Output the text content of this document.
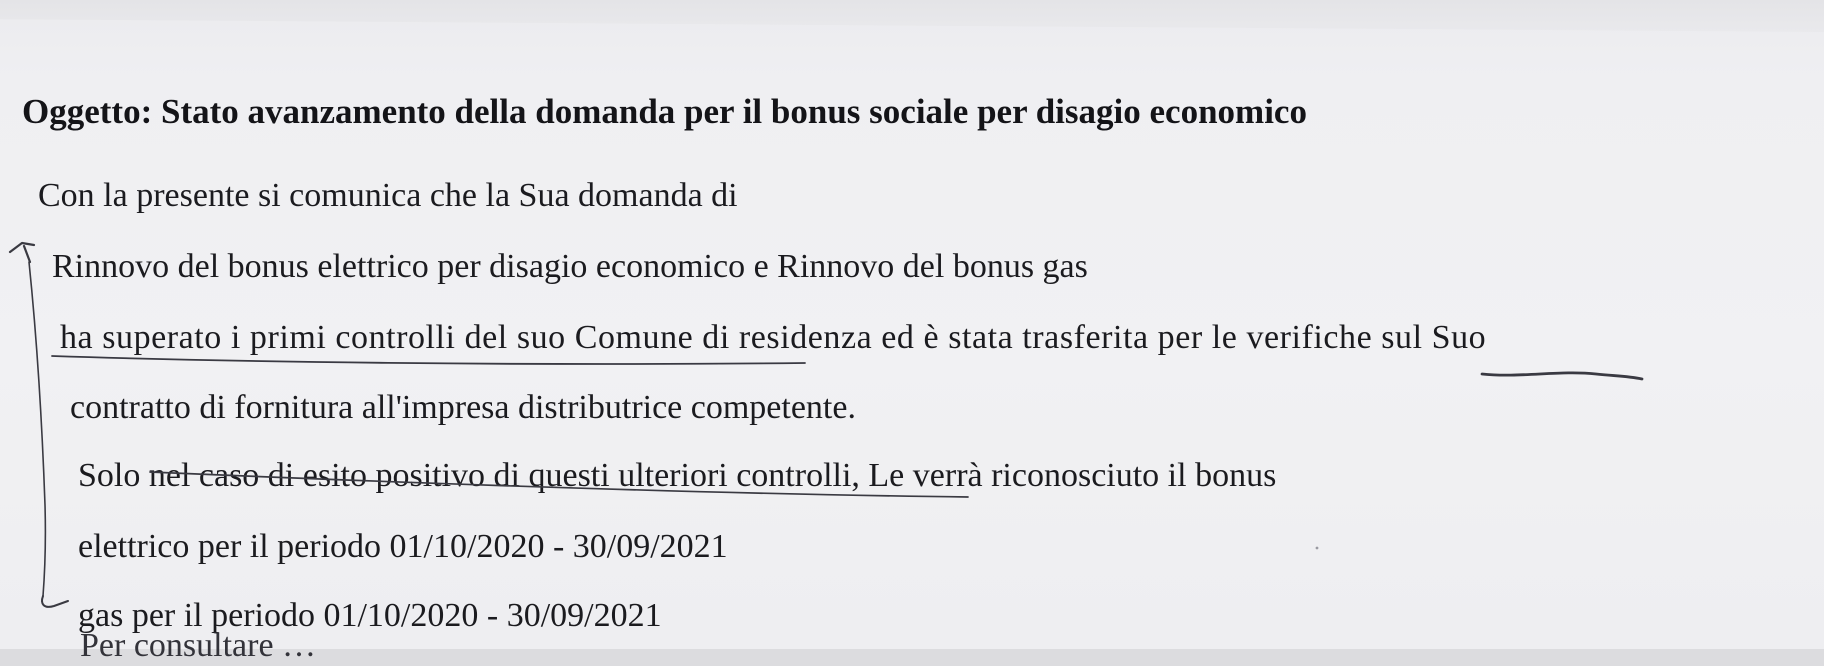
Oggetto: Stato avanzamento della domanda per il bonus sociale per disagio economico
Con la presente si comunica che la Sua domanda di
Rinnovo del bonus elettrico per disagio economico e Rinnovo del bonus gas
ha superato i primi controlli del suo Comune di residenza ed è stata trasferita per le verifiche sul Suo
contratto di fornitura all'impresa distributrice competente.
Solo nel caso di esito positivo di questi ulteriori controlli, Le verrà riconosciuto il bonus
elettrico per il periodo 01/10/2020 - 30/09/2021
gas per il periodo 01/10/2020 - 30/09/2021
Per consultare …
